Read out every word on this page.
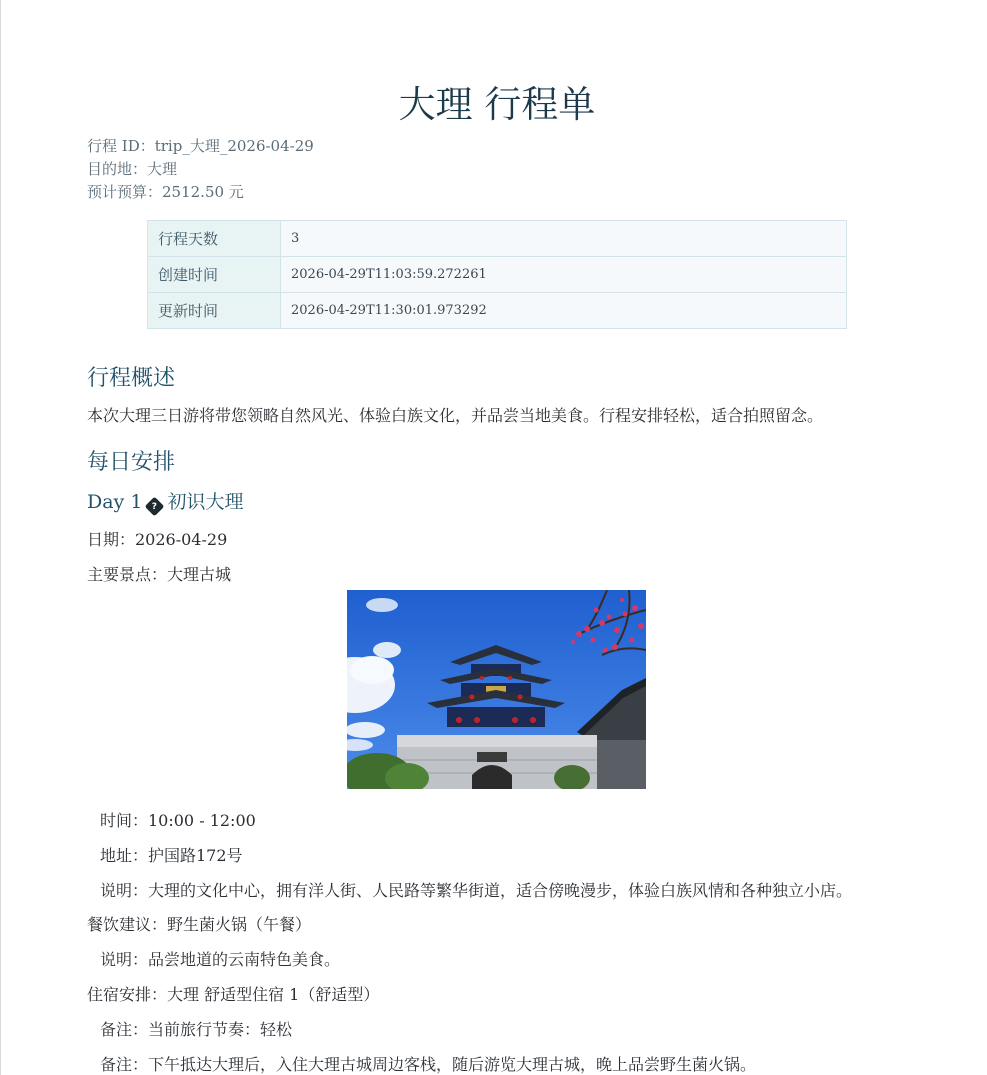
大理 行程单
行程 ID：trip_大理_2026-04-29
目的地：大理
预计预算：2512.50 元
行程天数	3
创建时间	2026-04-29T11:03:59.272261
更新时间	2026-04-29T11:30:01.973292
行程概述
本次大理三日游将带您领略自然风光、体验白族文化，并品尝当地美食。行程安排轻松，适合拍照留念。
每日安排
Day 1 ? 初识大理
日期：2026-04-29
主要景点：大理古城
时间：10:00 - 12:00
地址：护国路172号
说明：大理的文化中心，拥有洋人街、人民路等繁华街道，适合傍晚漫步，体验白族风情和各种独立小店。
餐饮建议：野生菌火锅（午餐）
说明：品尝地道的云南特色美食。
住宿安排：大理 舒适型住宿 1（舒适型）
备注：当前旅行节奏：轻松
备注：下午抵达大理后，入住大理古城周边客栈，随后游览大理古城，晚上品尝野生菌火锅。
